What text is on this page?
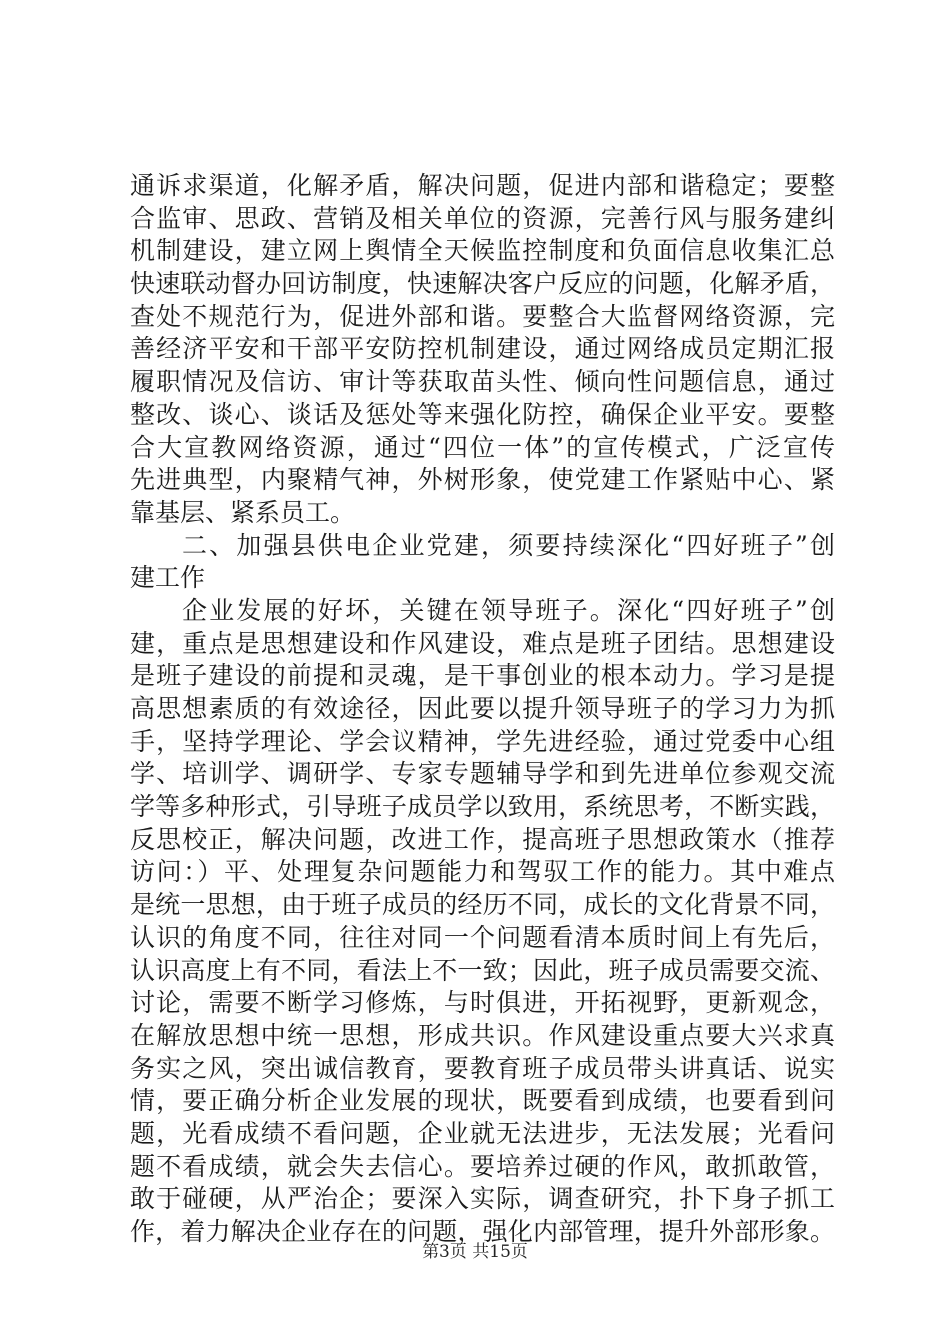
通诉求渠道，化解矛盾，解决问题，促进内部和谐稳定；要整
合监审、思政、营销及相关单位的资源，完善行风与服务建纠
机制建设，建立网上舆情全天候监控制度和负面信息收集汇总
快速联动督办回访制度，快速解决客户反应的问题，化解矛盾，
查处不规范行为，促进外部和谐。要整合大监督网络资源，完
善经济平安和干部平安防控机制建设，通过网络成员定期汇报
履职情况及信访、审计等获取苗头性、倾向性问题信息，通过
整改、谈心、谈话及惩处等来强化防控，确保企业平安。要整
合大宣教网络资源，通过“四位一体”的宣传模式，广泛宣传
先进典型，内聚精气神，外树形象，使党建工作紧贴中心、紧
靠基层、紧系员工。
二、加强县供电企业党建，须要持续深化“四好班子”创
建工作
企业发展的好坏，关键在领导班子。深化“四好班子”创
建，重点是思想建设和作风建设，难点是班子团结。思想建设
是班子建设的前提和灵魂，是干事创业的根本动力。学习是提
高思想素质的有效途径，因此要以提升领导班子的学习力为抓
手，坚持学理论、学会议精神，学先进经验，通过党委中心组
学、培训学、调研学、专家专题辅导学和到先进单位参观交流
学等多种形式，引导班子成员学以致用，系统思考，不断实践，
反思校正，解决问题，改进工作，提高班子思想政策水（推荐
访问：）平、处理复杂问题能力和驾驭工作的能力。其中难点
是统一思想，由于班子成员的经历不同，成长的文化背景不同，
认识的角度不同，往往对同一个问题看清本质时间上有先后，
认识高度上有不同，看法上不一致；因此，班子成员需要交流、
讨论，需要不断学习修炼，与时俱进，开拓视野，更新观念，
在解放思想中统一思想，形成共识。作风建设重点要大兴求真
务实之风，突出诚信教育，要教育班子成员带头讲真话、说实
情，要正确分析企业发展的现状，既要看到成绩，也要看到问
题，光看成绩不看问题，企业就无法进步，无法发展；光看问
题不看成绩，就会失去信心。要培养过硬的作风，敢抓敢管，
敢于碰硬，从严治企；要深入实际，调查研究，扑下身子抓工
作，着力解决企业存在的问题，强化内部管理，提升外部形象。
第3页 共15页
